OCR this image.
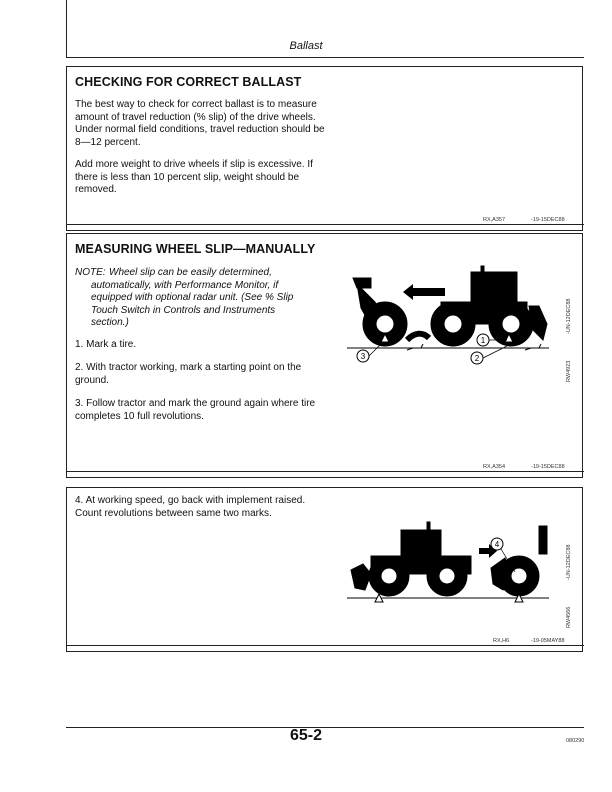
Ballast
CHECKING FOR CORRECT BALLAST

The best way to check for correct ballast is to measure

amount of travel reduction (% slip) of the drive wheels.

Under normal field conditions, travel reduction should be

8—12 percent.

Add more weight to drive wheels if slip is excessive. If

there is less than 10 percent slip, weight should be

removed.

RX,A357	-19-15DEC88
MEASURING WHEEL SLIP—MANUALLY

NOTE: Wheel slip can be easily determined,

automatically, with Performance Monitor, if

equipped with optional radar unit. (See % Slip

Touch Switch in Controls and Instruments

section.)

1. Mark a tire.

2. With tractor working, mark a starting point on the

ground.

3. Follow tractor and mark the ground again where tire

completes 10 full revolutions.

1
2
3
-UN-12DEC88
RW4923
RX,A354	-19-15DEC88

4. At working speed, go back with implement raised.

Count revolutions between same two marks.

4
-UN-12DEC88
RW4566
RX,H6	-19-05MAY88
65-2	080290
